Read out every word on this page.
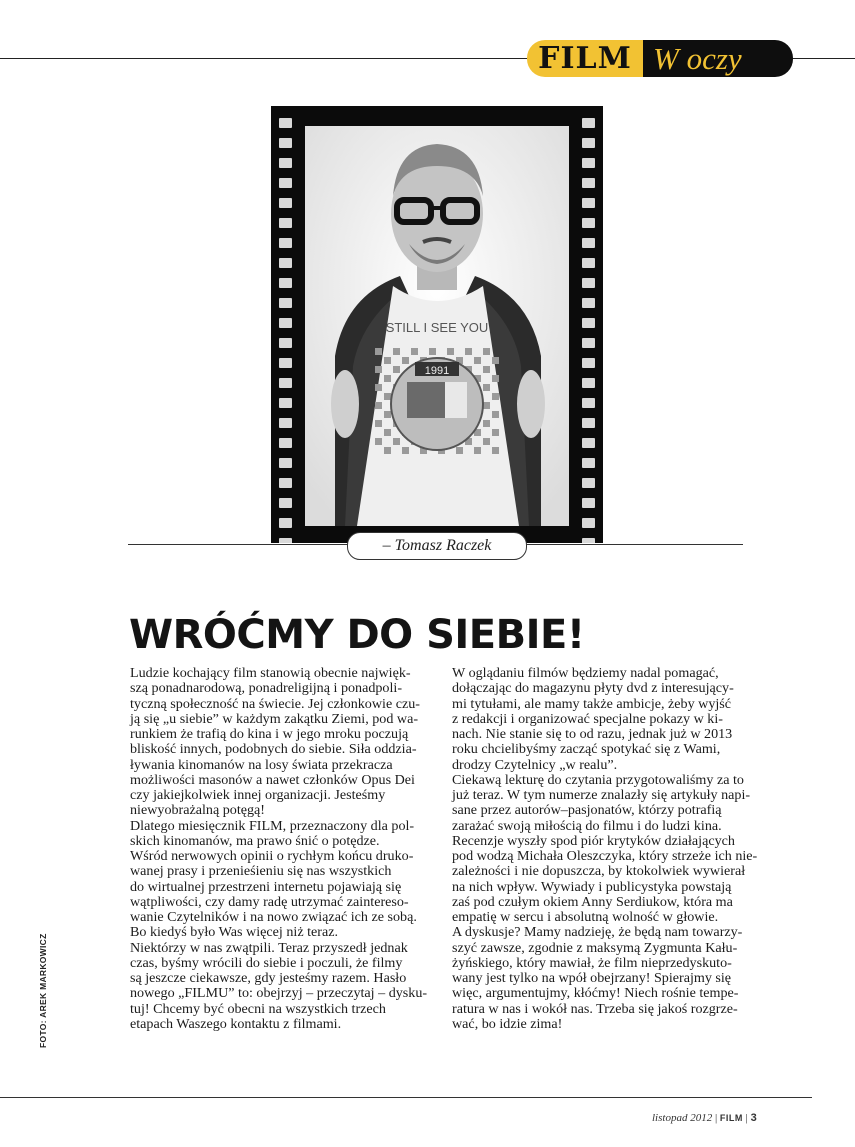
FILM W oczy
STILL I SEE YOU
1991
– Tomasz Raczek
WRÓĆMY DO SIEBIE!

Ludzie kochający film stanowią obecnie najwięk-

szą ponadnarodową, ponadreligijną i ponadpoli-

tyczną społeczność na świecie. Jej członkowie czu-

ją się „u siebie” w każdym zakątku Ziemi, pod wa-

runkiem że trafią do kina i w jego mroku poczują

bliskość innych, podobnych do siebie. Siła oddzia-

ływania kinomanów na losy świata przekracza

możliwości masonów a nawet członków Opus Dei

czy jakiejkolwiek innej organizacji. Jesteśmy

niewyobrażalną potęgą!

Dlatego miesięcznik FILM, przeznaczony dla pol-

skich kinomanów, ma prawo śnić o potędze.

Wśród nerwowych opinii o rychłym końcu druko-

wanej prasy i przenieśieniu się nas wszystkich

do wirtualnej przestrzeni internetu pojawiają się

wątpliwości, czy damy radę utrzymać zaintereso-

wanie Czytelników i na nowo związać ich ze sobą.

Bo kiedyś było Was więcej niż teraz.

Niektórzy w nas zwątpili. Teraz przyszedł jednak

czas, byśmy wrócili do siebie i poczuli, że filmy

są jeszcze ciekawsze, gdy jesteśmy razem. Hasło

nowego „FILMU” to: obejrzyj – przeczytaj – dysku-

tuj! Chcemy być obecni na wszystkich trzech

etapach Waszego kontaktu z filmami.

W oglądaniu filmów będziemy nadal pomagać,

dołączając do magazynu płyty dvd z interesujący-

mi tytułami, ale mamy także ambicje, żeby wyjść

z redakcji i organizować specjalne pokazy w ki-

nach. Nie stanie się to od razu, jednak już w 2013

roku chcielibyśmy zacząć spotykać się z Wami,

drodzy Czytelnicy „w realu”.

Ciekawą lekturę do czytania przygotowaliśmy za to

już teraz. W tym numerze znalazły się artykuły napi-

sane przez autorów–pasjonatów, którzy potrafią

zarażać swoją miłością do filmu i do ludzi kina.

Recenzje wyszły spod piór krytyków działających

pod wodzą Michała Oleszczyka, który strzeże ich nie-

zależności i nie dopuszcza, by ktokolwiek wywierał

na nich wpływ. Wywiady i publicystyka powstają

zaś pod czułym okiem Anny Serdiukow, która ma

empatię w sercu i absolutną wolność w głowie.

A dyskusje? Mamy nadzieję, że będą nam towarzy-

szyć zawsze, zgodnie z maksymą Zygmunta Kału-

żyńskiego, który mawiał, że film nieprzedyskuto-

wany jest tylko na wpół obejrzany! Spierajmy się

więc, argumentujmy, kłóćmy! Niech rośnie tempe-

ratura w nas i wokół nas. Trzeba się jakoś rozgrze-

wać, bo idzie zima!

FOTO: AREK MARKOWICZ
listopad 2012 | FILM | 3
